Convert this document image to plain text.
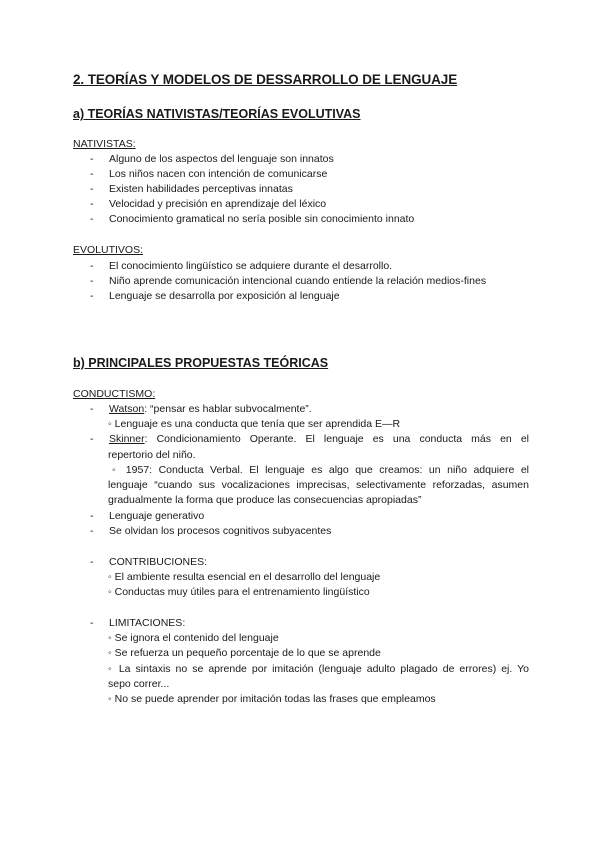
2. TEORÍAS Y MODELOS DE DESSARROLLO DE LENGUAJE
a) TEORÍAS NATIVISTAS/TEORÍAS EVOLUTIVAS
NATIVISTAS:
- Alguno de los aspectos del lenguaje son innatos
- Los niños nacen con intención de comunicarse
- Existen habilidades perceptivas innatas
- Velocidad y precisión en aprendizaje del léxico
- Conocimiento gramatical no sería posible sin conocimiento innato
EVOLUTIVOS:
- El conocimiento lingüístico se adquiere durante el desarrollo.
- Niño aprende comunicación intencional cuando entiende la relación medios-fines
- Lenguaje se desarrolla por exposición al lenguaje
b) PRINCIPALES PROPUESTAS TEÓRICAS
CONDUCTISMO:
- Watson: “pensar es hablar subvocalmente”.
◦ Lenguaje es una conducta que tenía que ser aprendida E—R
-	Skinner: Condicionamiento Operante. El lenguaje es una conducta más en el
repertorio del niño.
◦ 1957: Conducta Verbal. El lenguaje es algo que creamos: un niño adquiere el
lenguaje “cuando sus vocalizaciones imprecisas, selectivamente reforzadas, asumen
gradualmente la forma que produce las consecuencias apropiadas”
- Lenguaje generativo
- Se olvidan los procesos cognitivos subyacentes
- CONTRIBUCIONES:
◦ El ambiente resulta esencial en el desarrollo del lenguaje
◦ Conductas muy útiles para el entrenamiento lingüístico
- LIMITACIONES:
◦ Se ignora el contenido del lenguaje
◦ Se refuerza un pequeño porcentaje de lo que se aprende
◦ La sintaxis no se aprende por imitación (lenguaje adulto plagado de errores) ej. Yo
sepo correr...
◦ No se puede aprender por imitación todas las frases que empleamos
